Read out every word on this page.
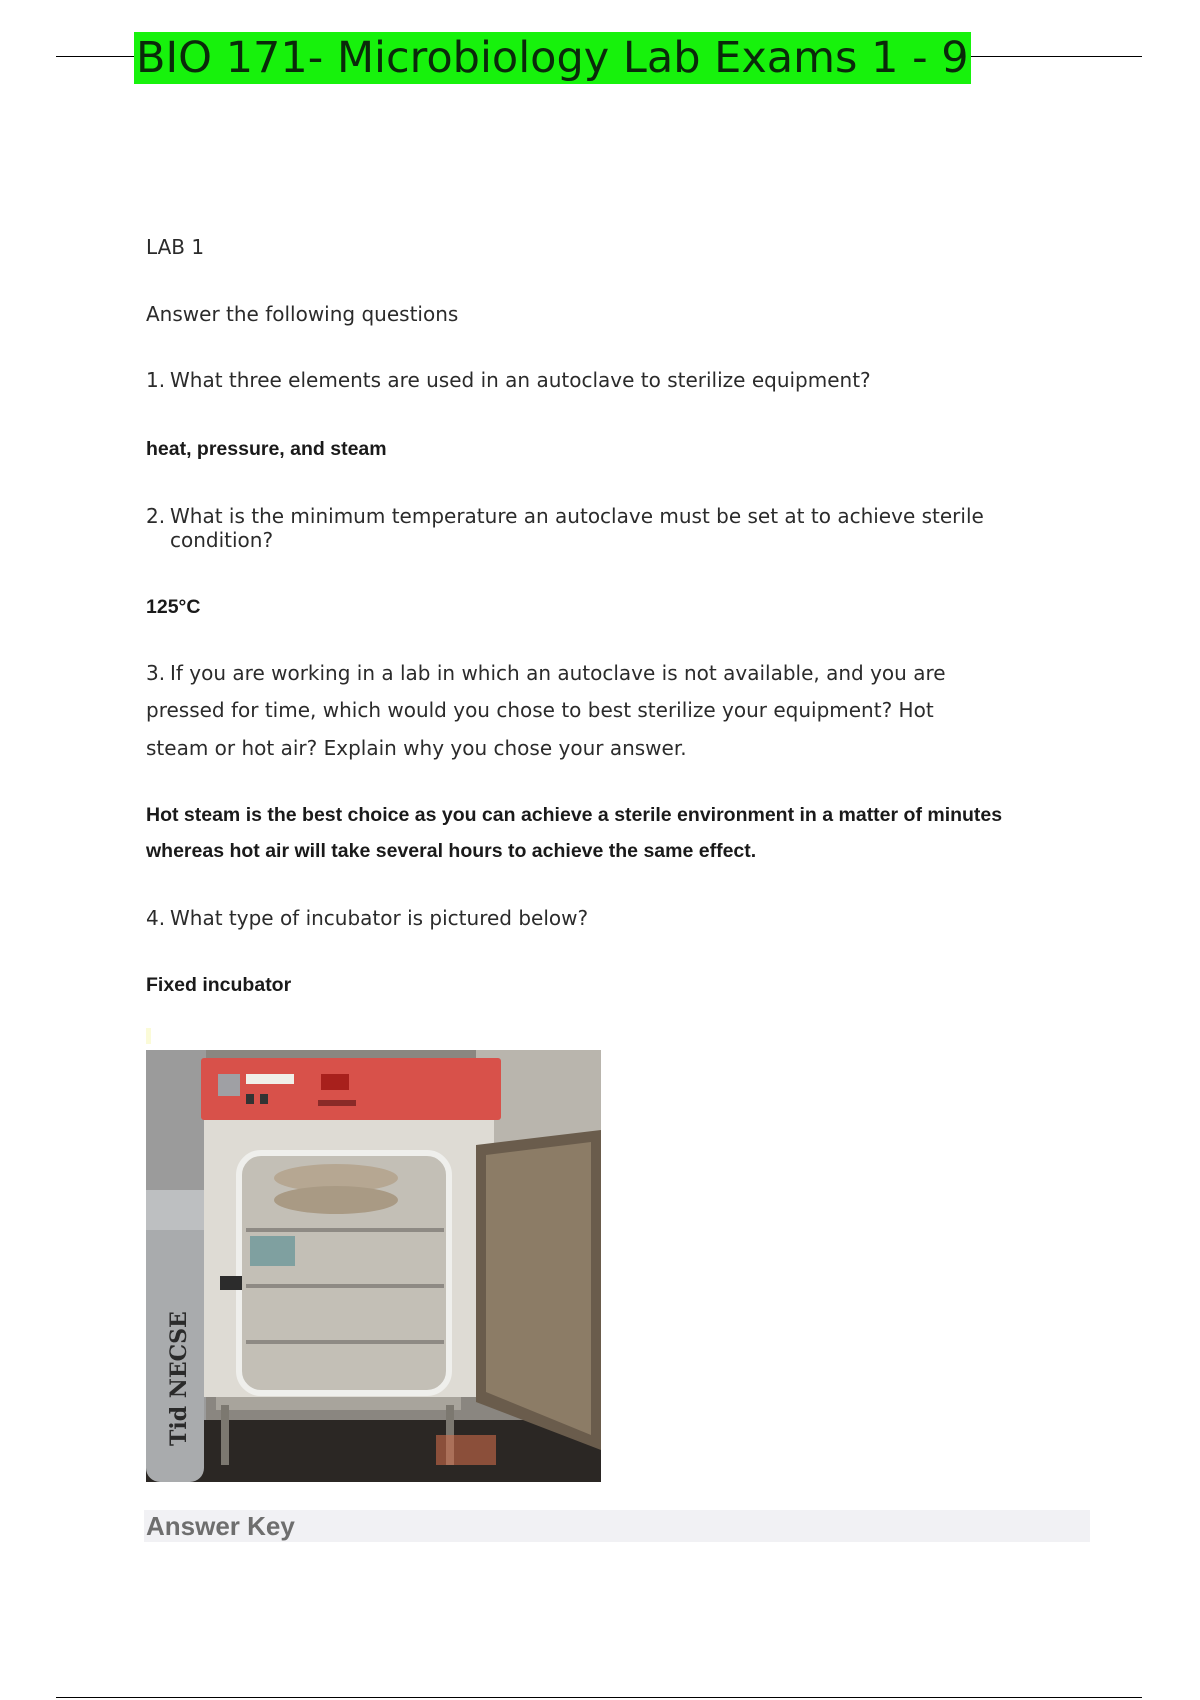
BIO 171- Microbiology Lab Exams 1 - 9
LAB 1
Answer the following questions
1. What three elements are used in an autoclave to sterilize equipment?
heat, pressure, and steam
2. What is the minimum temperature an autoclave must be set at to achieve sterile
condition?
125°C
3. If you are working in a lab in which an autoclave is not available, and you are
pressed for time, which would you chose to best sterilize your equipment? Hot
steam or hot air? Explain why you chose your answer.
Hot steam is the best choice as you can achieve a sterile environment in a matter of minutes
whereas hot air will take several hours to achieve the same effect.
4. What type of incubator is pictured below?
Fixed incubator
Tid NECSE
Answer Key
